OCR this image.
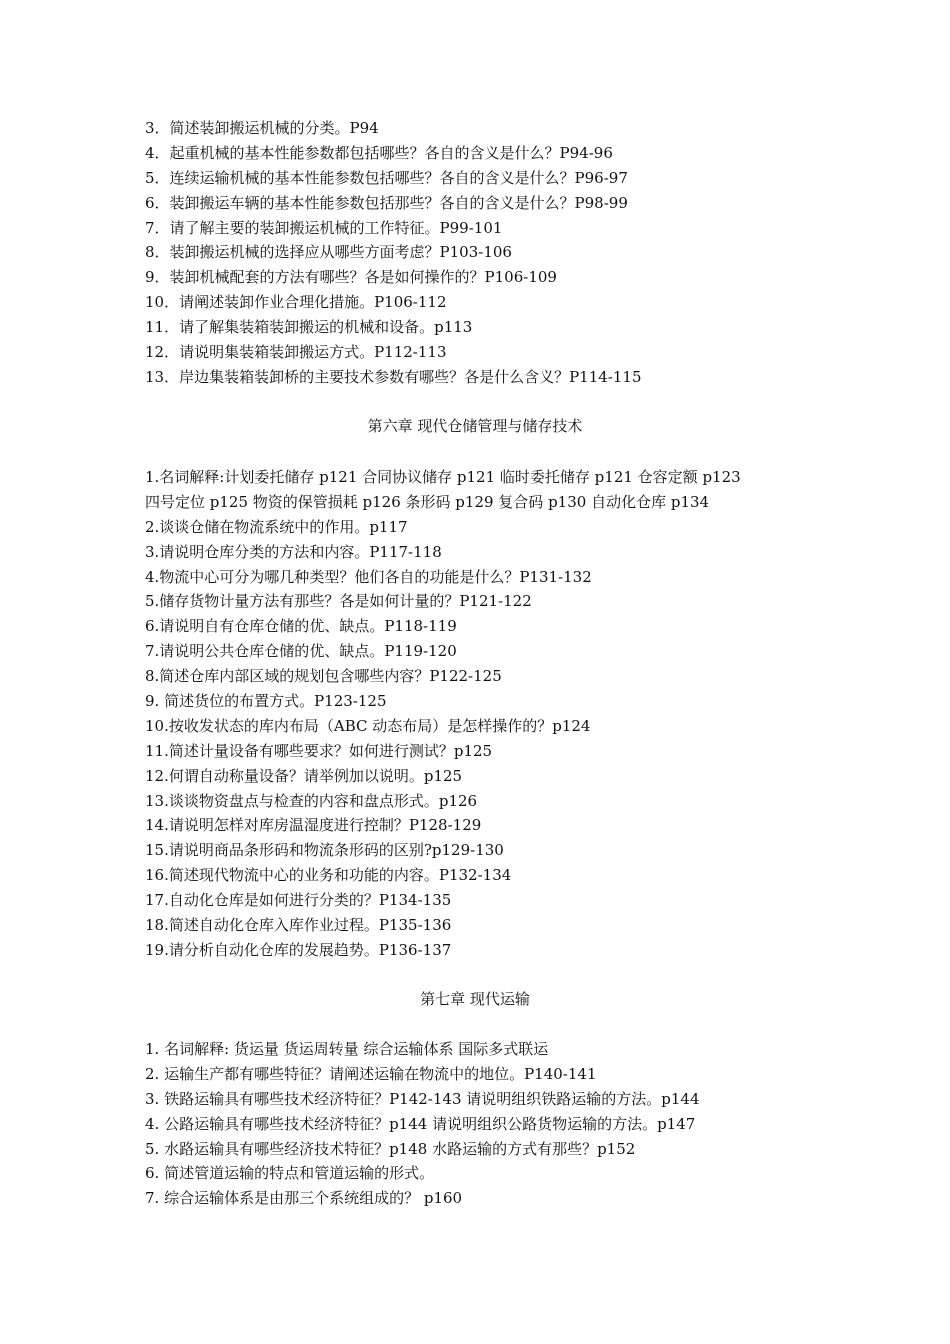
3．简述装卸搬运机械的分类。P94
4．起重机械的基本性能参数都包括哪些？各自的含义是什么？P94-96
5．连续运输机械的基本性能参数包括哪些？各自的含义是什么？P96-97
6．装卸搬运车辆的基本性能参数包括那些？各自的含义是什么？P98-99
7．请了解主要的装卸搬运机械的工作特征。P99-101
8．装卸搬运机械的选择应从哪些方面考虑？P103-106
9．装卸机械配套的方法有哪些？各是如何操作的？P106-109
10．请阐述装卸作业合理化措施。P106-112
11．请了解集装箱装卸搬运的机械和设备。p113
12．请说明集装箱装卸搬运方式。P112-113
13．岸边集装箱装卸桥的主要技术参数有哪些？各是什么含义？P114-115
第六章 现代仓储管理与储存技术
1.名词解释:计划委托储存 p121 合同协议储存 p121 临时委托储存 p121 仓容定额 p123
四号定位 p125 物资的保管损耗 p126 条形码 p129 复合码 p130 自动化仓库 p134
2.谈谈仓储在物流系统中的作用。p117
3.请说明仓库分类的方法和内容。P117-118
4.物流中心可分为哪几种类型？他们各自的功能是什么？P131-132
5.储存货物计量方法有那些？各是如何计量的？P121-122
6.请说明自有仓库仓储的优、缺点。P118-119
7.请说明公共仓库仓储的优、缺点。P119-120
8.简述仓库内部区域的规划包含哪些内容？P122-125
9. 简述货位的布置方式。P123-125
10.按收发状态的库内布局（ABC 动态布局）是怎样操作的？p124
11.简述计量设备有哪些要求？如何进行测试？p125
12.何谓自动称量设备？请举例加以说明。p125
13.谈谈物资盘点与检查的内容和盘点形式。p126
14.请说明怎样对库房温湿度进行控制？P128-129
15.请说明商品条形码和物流条形码的区别?p129-130
16.简述现代物流中心的业务和功能的内容。P132-134
17.自动化仓库是如何进行分类的？P134-135
18.简述自动化仓库入库作业过程。P135-136
19.请分析自动化仓库的发展趋势。P136-137
第七章 现代运输
1. 名词解释: 货运量 货运周转量 综合运输体系 国际多式联运
2. 运输生产都有哪些特征？请阐述运输在物流中的地位。P140-141
3. 铁路运输具有哪些技术经济特征？P142-143 请说明组织铁路运输的方法。p144
4. 公路运输具有哪些技术经济特征？p144 请说明组织公路货物运输的方法。p147
5. 水路运输具有哪些经济技术特征？p148 水路运输的方式有那些？p152
6. 简述管道运输的特点和管道运输的形式。
7. 综合运输体系是由那三个系统组成的？ p160
